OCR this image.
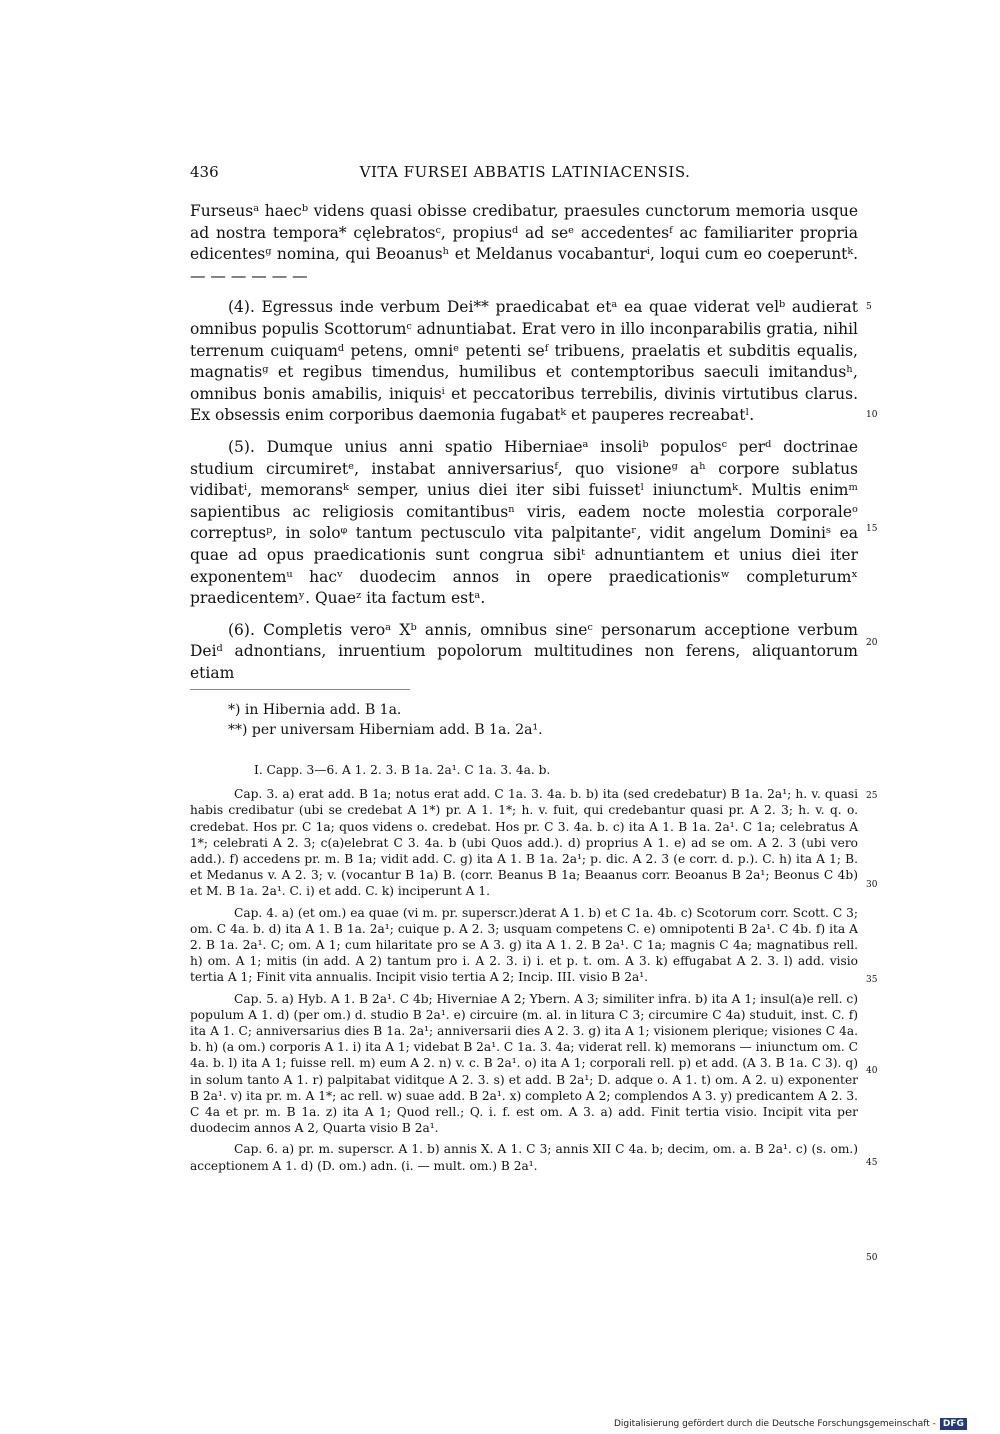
436	VITA FURSEI ABBATIS LATINIACENSIS.

Furseusᵃ haecᵇ videns quasi obisse credibatur, praesules cunctorum memoria usque ad nostra tempora* cęlebratosᶜ, propiusᵈ ad seᵉ accedentesᶠ ac familiariter propria edicentesᵍ nomina, qui Beoanusʰ et Meldanus vocabanturⁱ, loqui cum eo coeperuntᵏ. — — — — — —

(4). Egressus inde verbum Dei** praedicabat etᵃ ea quae viderat velᵇ audierat omnibus populis Scottorumᶜ adnuntiabat. Erat vero in illo inconparabilis gratia, nihil terrenum cuiquamᵈ petens, omniᵉ petenti seᶠ tribuens, praelatis et subditis equalis, magnatisᵍ et regibus timendus, humilibus et contemptoribus saeculi imitandusʰ, omnibus bonis amabilis, iniquisⁱ et peccatoribus terrebilis, divinis virtutibus clarus. Ex obsessis enim corporibus daemonia fugabatᵏ et pauperes recreabatˡ.

(5). Dumque unius anni spatio Hiberniaeᵃ insoliᵇ populosᶜ perᵈ doctrinae studium circumiretᵉ, instabat anniversariusᶠ, quo visioneᵍ aʰ corpore sublatus vidibatⁱ, memoransᵏ semper, unius diei iter sibi fuissetˡ iniunctumᵏ. Multis enimᵐ sapientibus ac religiosis comitantibusⁿ viris, eadem nocte molestia corporaleᵒ correptusᵖ, in soloᵠ tantum pectusculo vita palpitanteʳ, vidit angelum Dominiˢ ea quae ad opus praedicationis sunt congrua sibiᵗ adnuntiantem et unius diei iter exponentemᵘ hacᵛ duodecim annos in opere praedicationisʷ completurumˣ praedicentemʸ. Quaeᶻ ita factum estᵃ.

(6). Completis veroᵃ Xᵇ annis, omnibus sineᶜ personarum acceptione verbum Deiᵈ adnontians, inruentium popolorum multitudines non ferens, aliquantorum etiam

5
10
15
20
25
30
35
40
45
50

*) in Hibernia add. B 1a.

**) per universam Hiberniam add. B 1a. 2a¹.

I. Capp. 3—6. A 1. 2. 3. B 1a. 2a¹. C 1a. 3. 4a. b.

Cap. 3. a) erat add. B 1a; notus erat add. C 1a. 3. 4a. b. b) ita (sed credebatur) B 1a. 2a¹; h. v. quasi habis credibatur (ubi se credebat A 1*) pr. A 1. 1*; h. v. fuit, qui credebantur quasi pr. A 2. 3; h. v. q. o. credebat. Hos pr. C 1a; quos videns o. credebat. Hos pr. C 3. 4a. b. c) ita A 1. B 1a. 2a¹. C 1a; celebratus A 1*; celebrati A 2. 3; c(a)elebrat C 3. 4a. b (ubi Quos add.). d) proprius A 1. e) ad se om. A 2. 3 (ubi vero add.). f) accedens pr. m. B 1a; vidit add. C. g) ita A 1. B 1a. 2a¹; p. dic. A 2. 3 (e corr. d. p.). C. h) ita A 1; B. et Medanus v. A 2. 3; v. (vocantur B 1a) B. (corr. Beanus B 1a; Beaanus corr. Beoanus B 2a¹; Beonus C 4b) et M. B 1a. 2a¹. C. i) et add. C. k) inciperunt A 1.

Cap. 4. a) (et om.) ea quae (vi m. pr. superscr.)derat A 1. b) et C 1a. 4b. c) Scotorum corr. Scott. C 3; om. C 4a. b. d) ita A 1. B 1a. 2a¹; cuique p. A 2. 3; usquam competens C. e) omnipotenti B 2a¹. C 4b. f) ita A 2. B 1a. 2a¹. C; om. A 1; cum hilaritate pro se A 3. g) ita A 1. 2. B 2a¹. C 1a; magnis C 4a; magnatibus rell. h) om. A 1; mitis (in add. A 2) tantum pro i. A 2. 3. i) i. et p. t. om. A 3. k) effugabat A 2. 3. l) add. visio tertia A 1; Finit vita annualis. Incipit visio tertia A 2; Incip. III. visio B 2a¹.

Cap. 5. a) Hyb. A 1. B 2a¹. C 4b; Hiverniae A 2; Ybern. A 3; similiter infra. b) ita A 1; insul(a)e rell. c) populum A 1. d) (per om.) d. studio B 2a¹. e) circuire (m. al. in litura C 3; circumire C 4a) studuit, inst. C. f) ita A 1. C; anniversarius dies B 1a. 2a¹; anniversarii dies A 2. 3. g) ita A 1; visionem plerique; visiones C 4a. b. h) (a om.) corporis A 1. i) ita A 1; videbat B 2a¹. C 1a. 3. 4a; viderat rell. k) memorans — iniunctum om. C 4a. b. l) ita A 1; fuisse rell. m) eum A 2. n) v. c. B 2a¹. o) ita A 1; corporali rell. p) et add. (A 3. B 1a. C 3). q) in solum tanto A 1. r) palpitabat viditque A 2. 3. s) et add. B 2a¹; D. adque o. A 1. t) om. A 2. u) exponenter B 2a¹. v) ita pr. m. A 1*; ac rell. w) suae add. B 2a¹. x) completo A 2; complendos A 3. y) predicantem A 2. 3. C 4a et pr. m. B 1a. z) ita A 1; Quod rell.; Q. i. f. est om. A 3. a) add. Finit tertia visio. Incipit vita per duodecim annos A 2, Quarta visio B 2a¹.

Cap. 6. a) pr. m. superscr. A 1. b) annis X. A 1. C 3; annis XII C 4a. b; decim, om. a. B 2a¹. c) (s. om.) acceptionem A 1. d) (D. om.) adn. (i. — mult. om.) B 2a¹.

Digitalisierung gefördert durch die Deutsche Forschungsgemeinschaft - DFG
